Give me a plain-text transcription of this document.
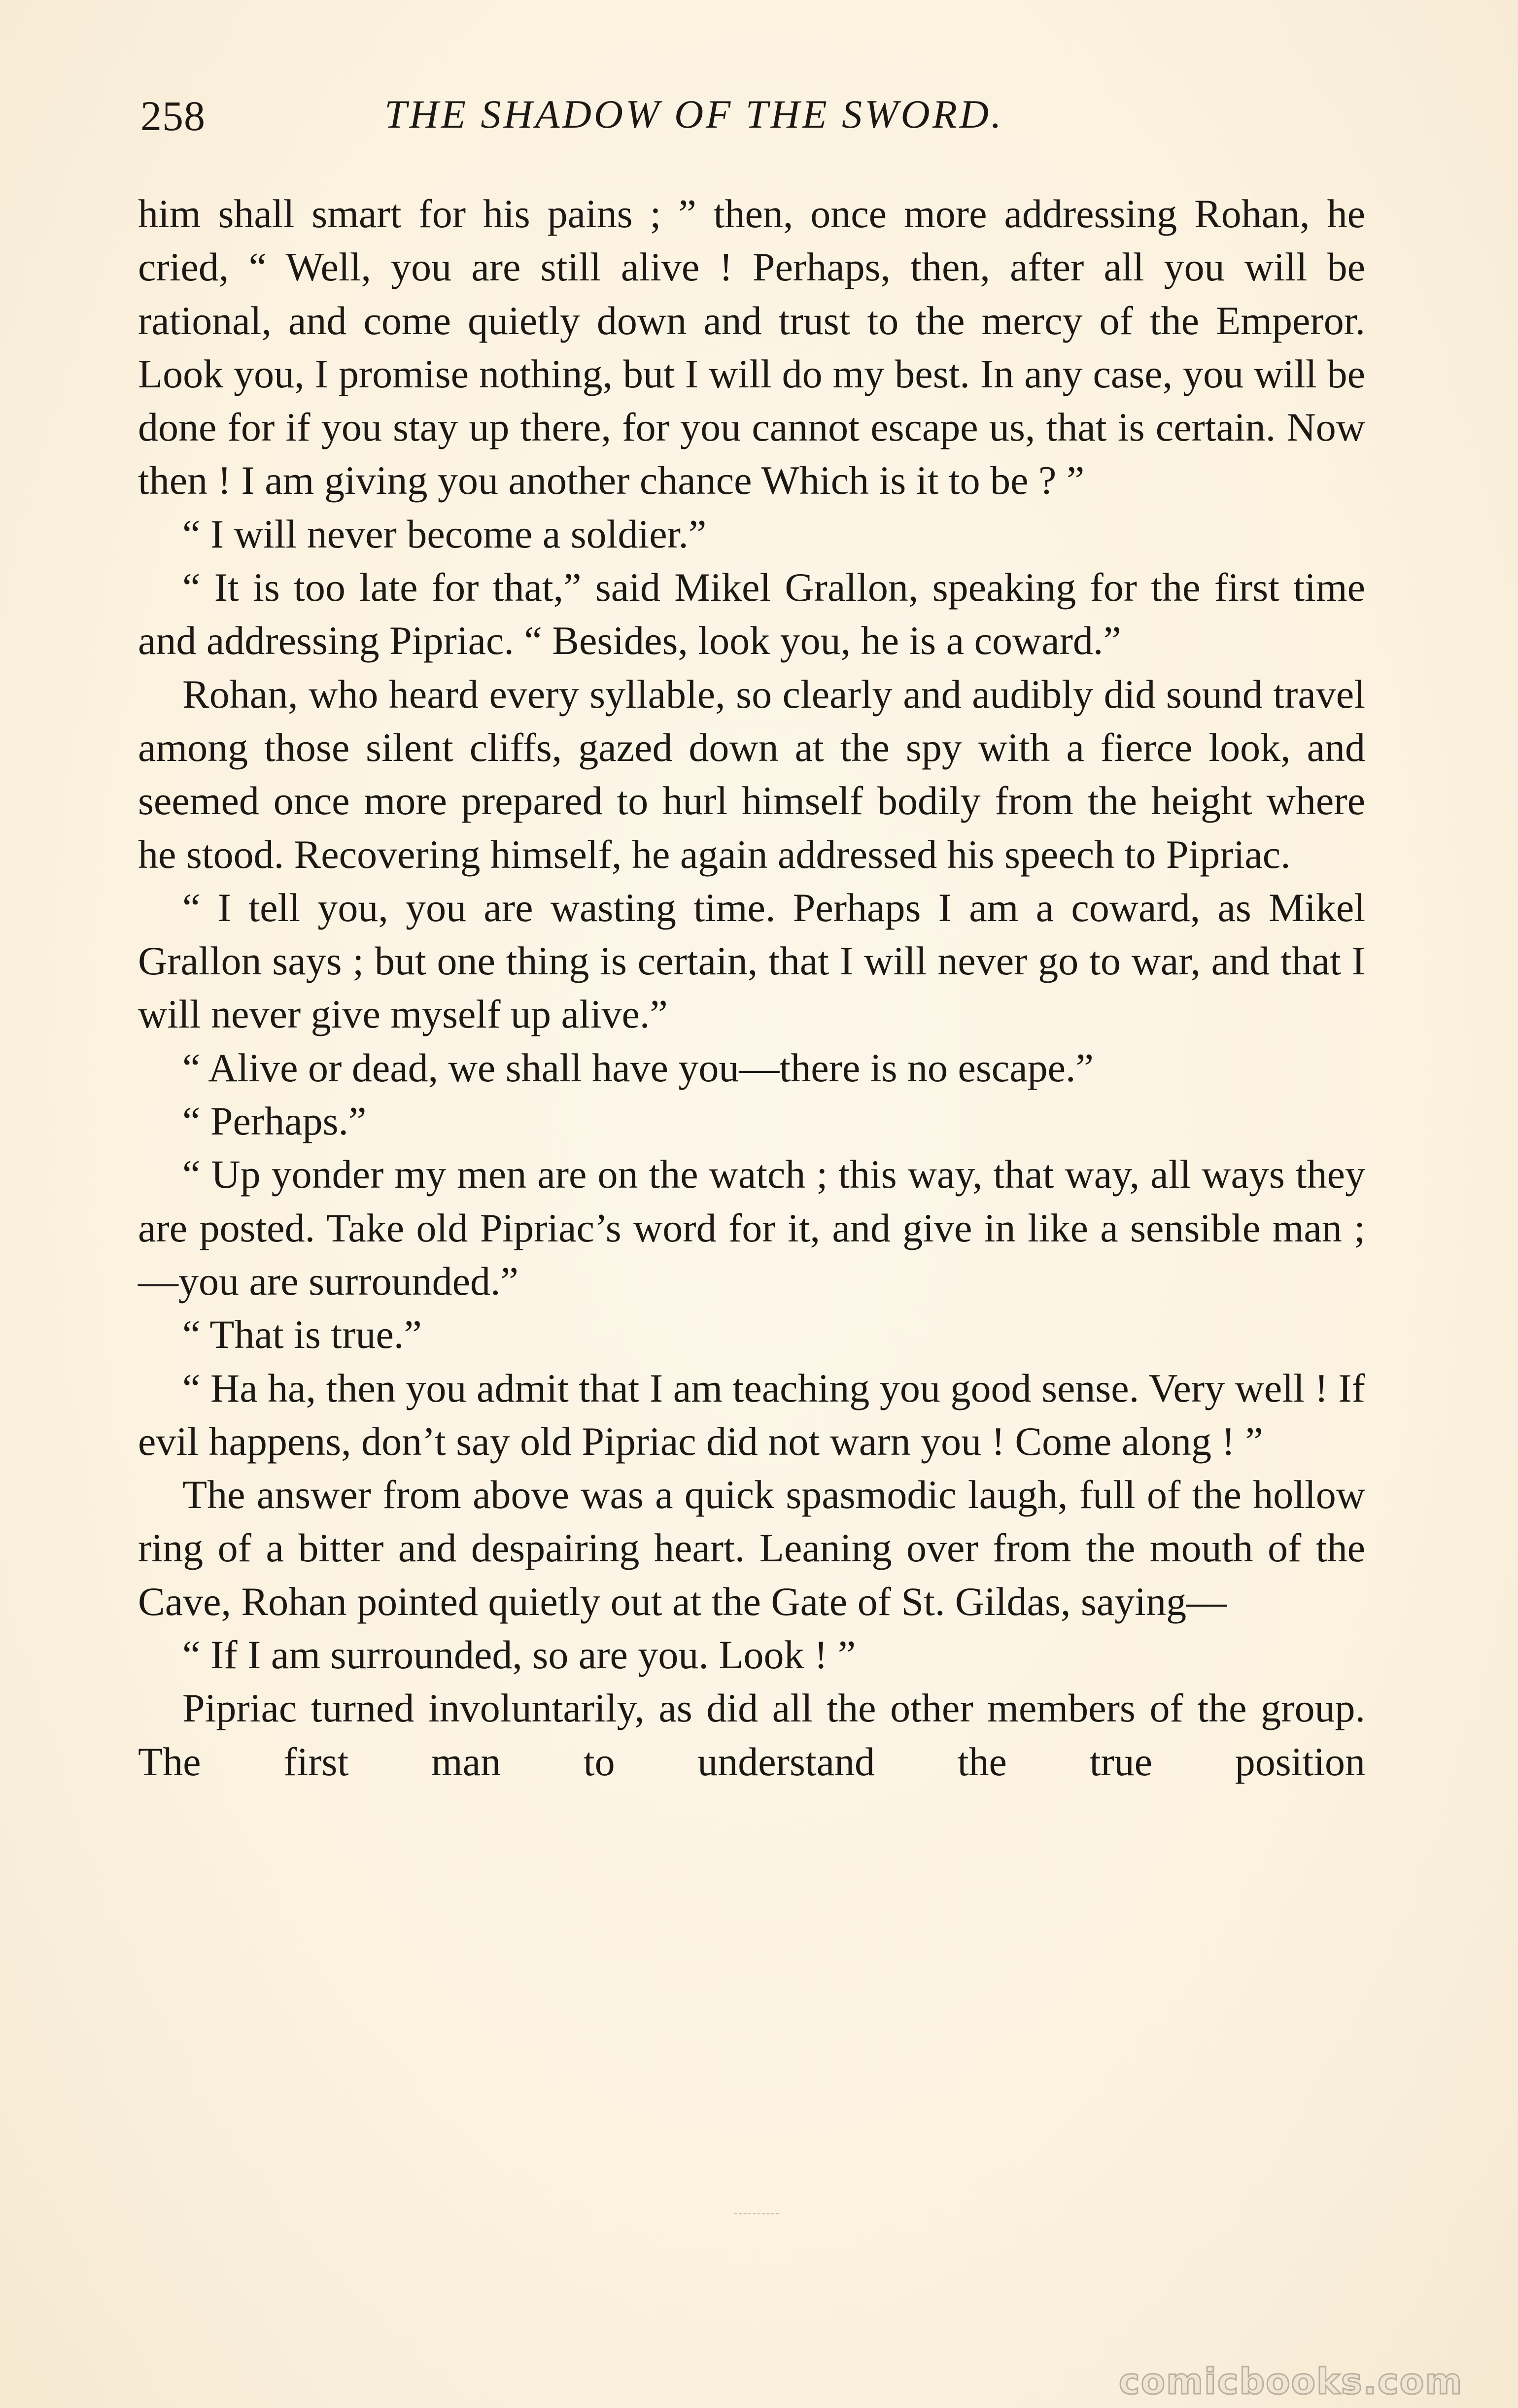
258	THE SHADOW OF THE SWORD.

him shall smart for his pains ; ” then, once more addressing Rohan, he cried, “ Well, you are still alive ! Perhaps, then, after all you will be rational, and come quietly down and trust to the mercy of the Emperor. Look you, I promise nothing, but I will do my best. In any case, you will be done for if you stay up there, for you cannot escape us, that is certain. Now then ! I am giving you another chance Which is it to be ? ”

“ I will never become a soldier.”

“ It is too late for that,” said Mikel Grallon, speaking for the first time and addressing Pipriac. “ Besides, look you, he is a coward.”

Rohan, who heard every syllable, so clearly and audibly did sound travel among those silent cliffs, gazed down at the spy with a fierce look, and seemed once more prepared to hurl himself bodily from the height where he stood. Recovering himself, he again addressed his speech to Pipriac.

“ I tell you, you are wasting time. Perhaps I am a coward, as Mikel Grallon says ; but one thing is certain, that I will never go to war, and that I will never give myself up alive.”

“ Alive or dead, we shall have you—there is no escape.”

“ Perhaps.”

“ Up yonder my men are on the watch ; this way, that way, all ways they are posted. Take old Pipriac’s word for it, and give in like a sensible man ;—you are surrounded.”

“ That is true.”

“ Ha ha, then you admit that I am teaching you good sense. Very well ! If evil happens, don’t say old Pipriac did not warn you ! Come along ! ”

The answer from above was a quick spasmodic laugh, full of the hollow ring of a bitter and despairing heart. Leaning over from the mouth of the Cave, Rohan pointed quietly out at the Gate of St. Gildas, saying—

“ If I am surrounded, so are you. Look ! ”

Pipriac turned involuntarily, as did all the other members of the group. The first man to understand the true position

comicbooks.com
